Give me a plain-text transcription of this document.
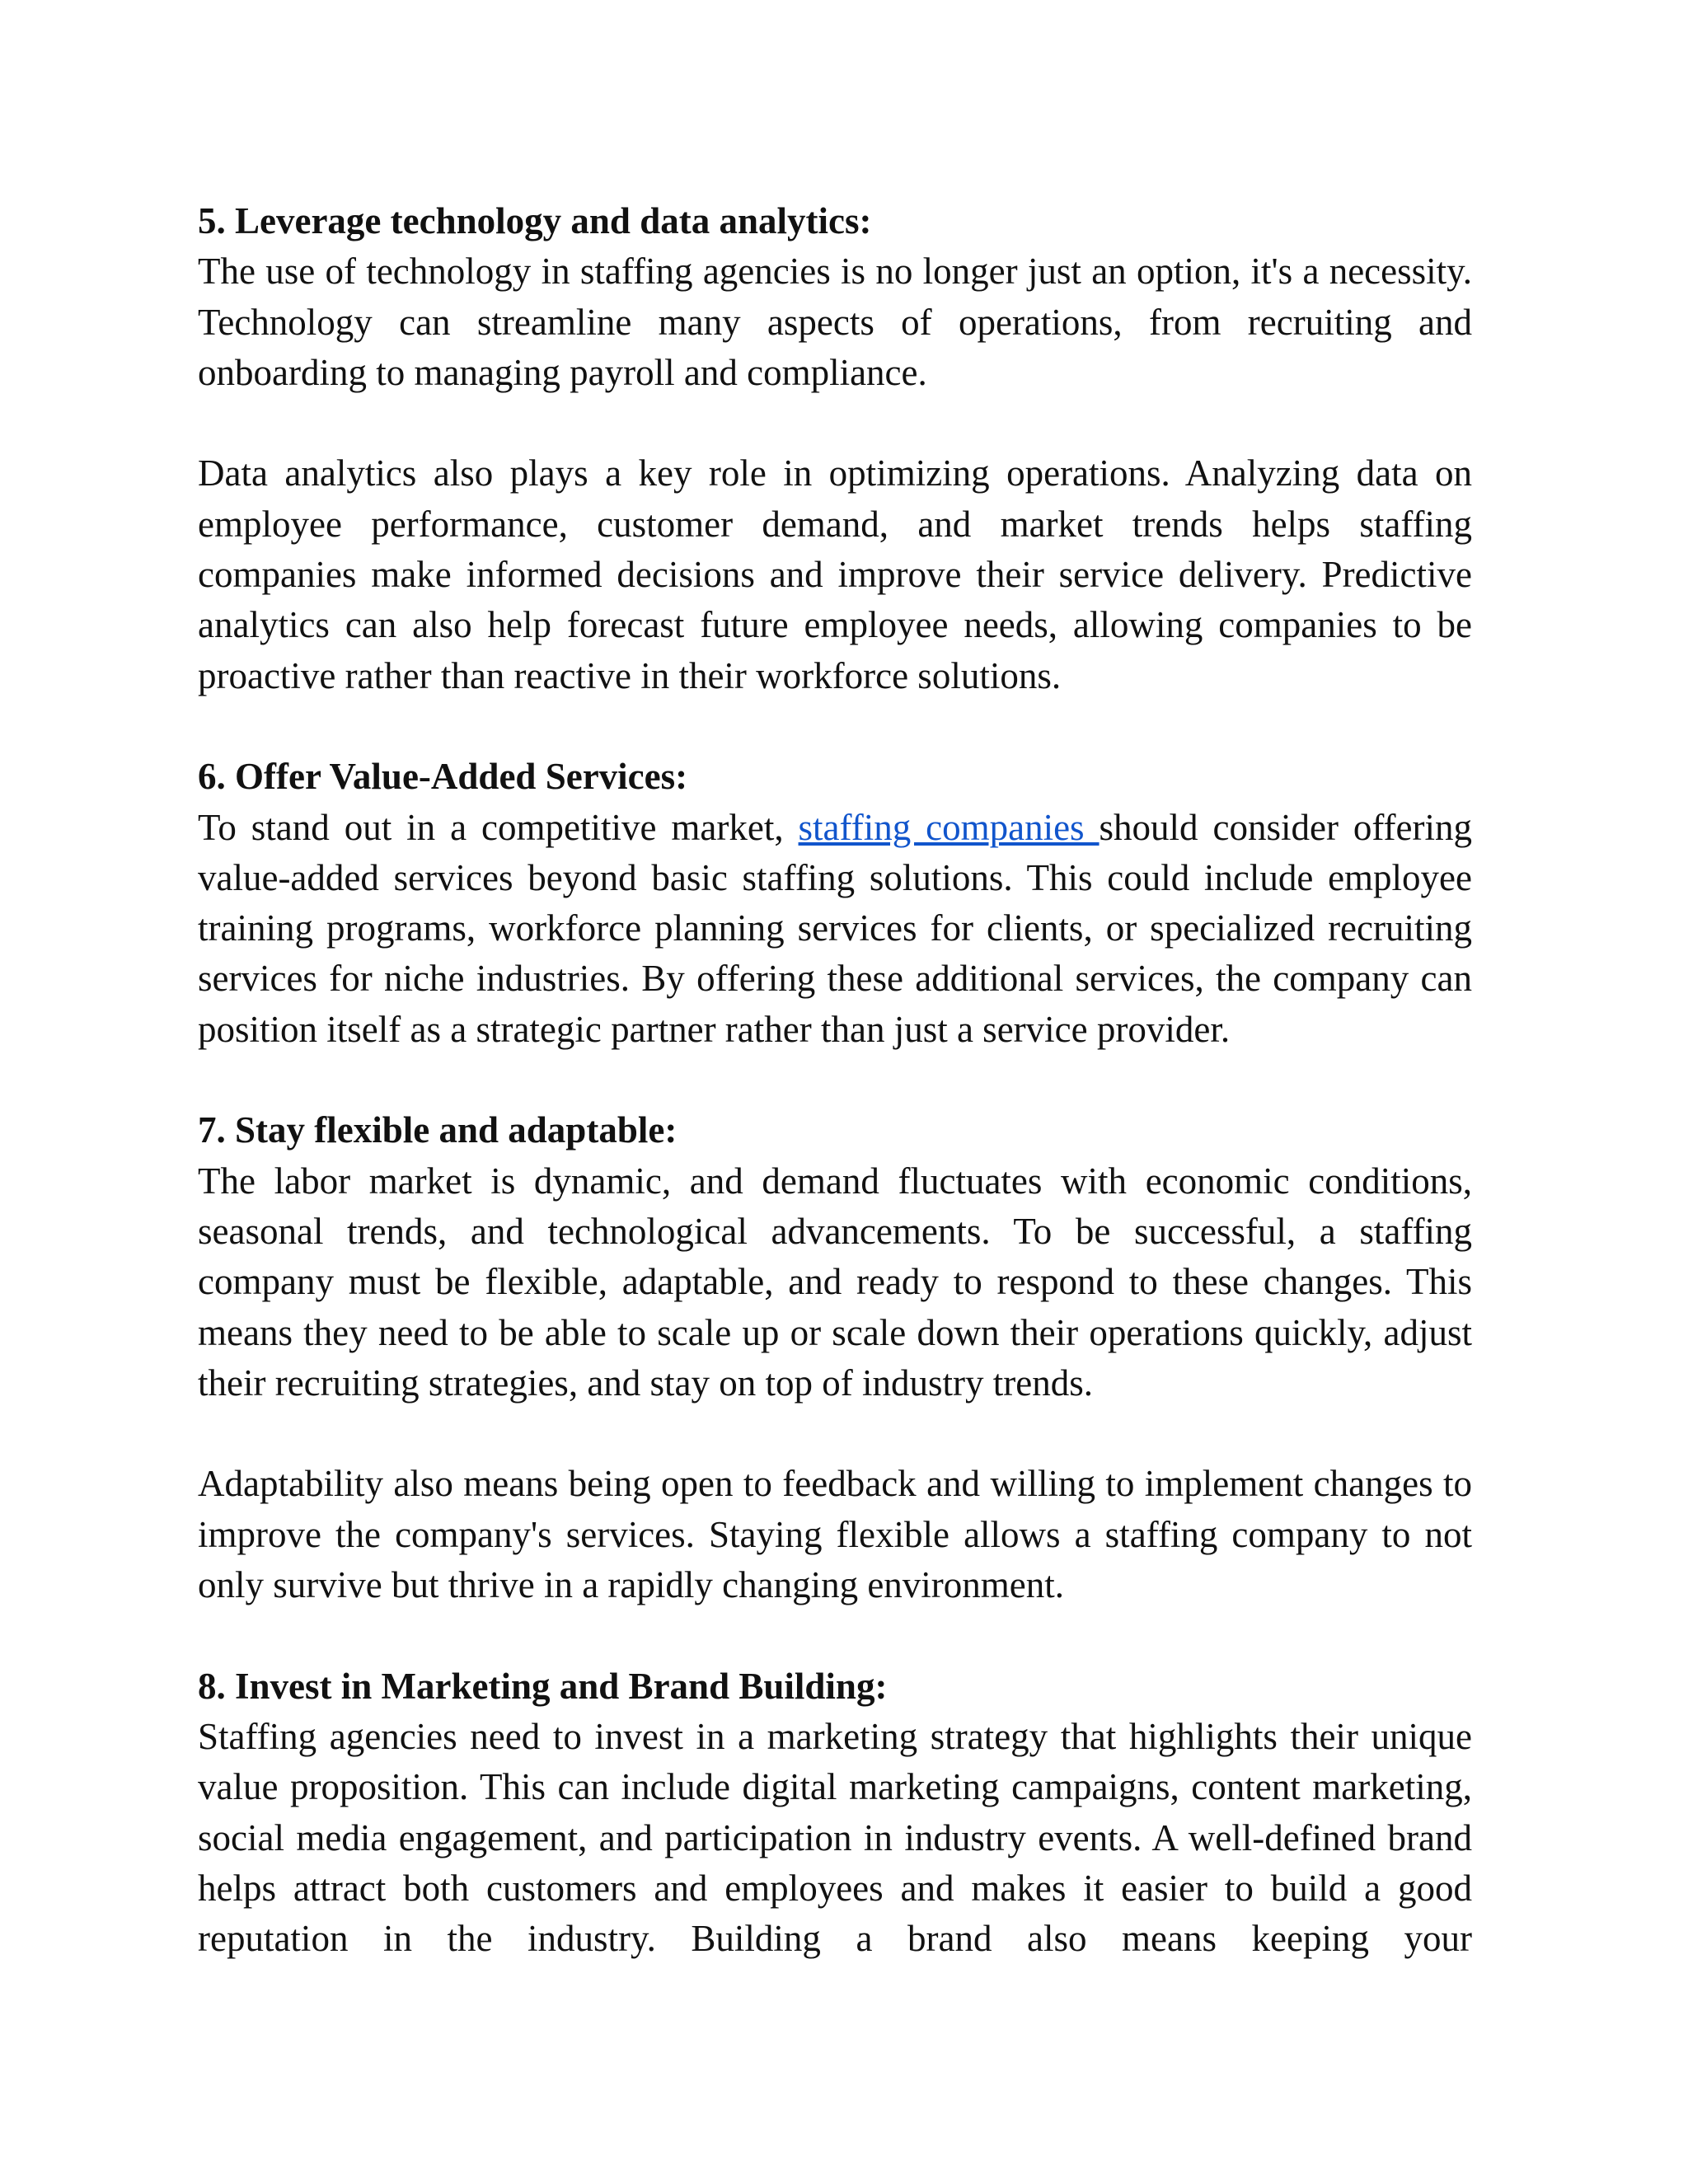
5. Leverage technology and data analytics:

The use of technology in staffing agencies is no longer just an option, it's a necessity. Technology can streamline many aspects of operations, from recruiting and onboarding to managing payroll and compliance.

Data analytics also plays a key role in optimizing operations. Analyzing data on employee performance, customer demand, and market trends helps staffing companies make informed decisions and improve their service delivery. Predictive analytics can also help forecast future employee needs, allowing companies to be proactive rather than reactive in their workforce solutions.

6. Offer Value-Added Services:

To stand out in a competitive market, staffing companies should consider offering value-added services beyond basic staffing solutions. This could include employee training programs, workforce planning services for clients, or specialized recruiting services for niche industries. By offering these additional services, the company can position itself as a strategic partner rather than just a service provider.

7. Stay flexible and adaptable:

The labor market is dynamic, and demand fluctuates with economic conditions, seasonal trends, and technological advancements. To be successful, a staffing company must be flexible, adaptable, and ready to respond to these changes. This means they need to be able to scale up or scale down their operations quickly, adjust their recruiting strategies, and stay on top of industry trends.

Adaptability also means being open to feedback and willing to implement changes to improve the company's services. Staying flexible allows a staffing company to not only survive but thrive in a rapidly changing environment.

8. Invest in Marketing and Brand Building:

Staffing agencies need to invest in a marketing strategy that highlights their unique value proposition. This can include digital marketing campaigns, content marketing, social media engagement, and participation in industry events. A well-defined brand helps attract both customers and employees and makes it easier to build a good reputation in the industry. Building a brand also means keeping your
